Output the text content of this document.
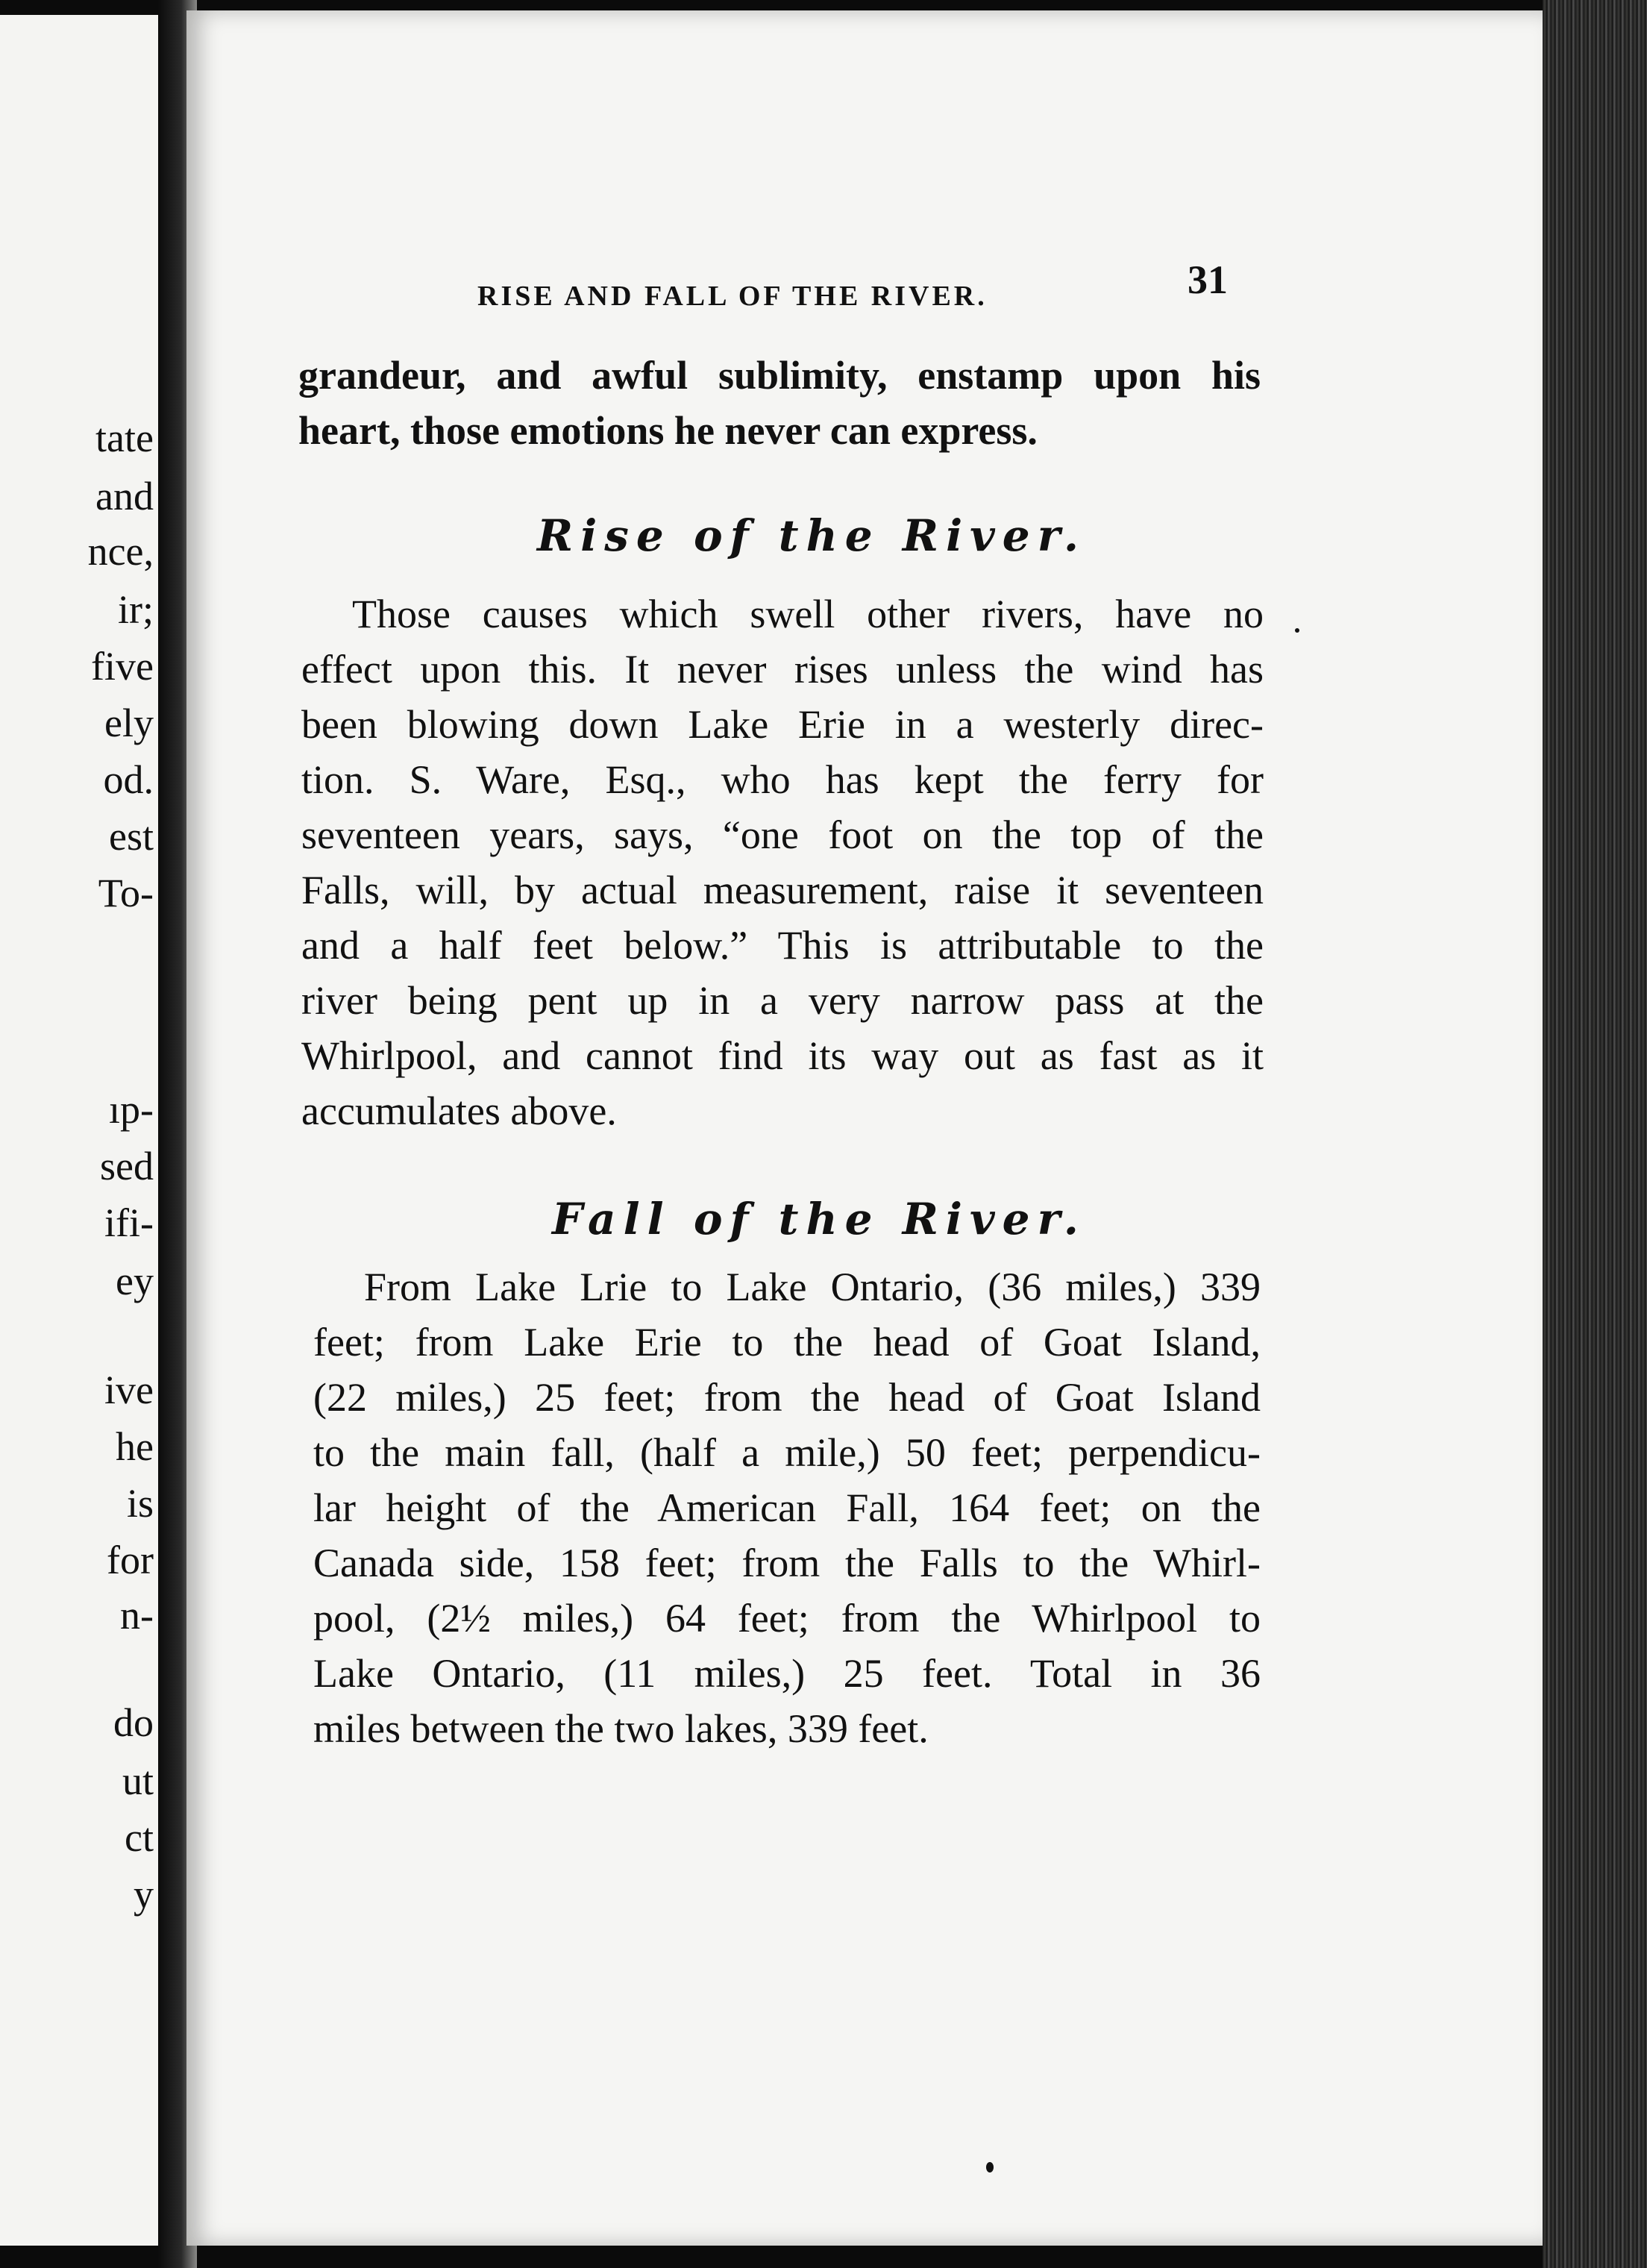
tate
and
nce,
ir;
five
ely
od.
est
To-
ıp-
sed
ifi-
ey
ive
he
is
for
n-
do
ut
ct
y
RISE AND FALL OF THE RIVER.	31
grandeur, and awful sublimity, enstamp upon his
heart, those emotions he never can express.
Rise of the River.
Those causes which swell other rivers, have no
effect upon this. It never rises unless the wind has
been blowing down Lake Erie in a westerly direc-
tion. S. Ware, Esq., who has kept the ferry for
seventeen years, says, “one foot on the top of the
Falls, will, by actual measurement, raise it seventeen
and a half feet below.” This is attributable to the
river being pent up in a very narrow pass at the
Whirlpool, and cannot find its way out as fast as it
accumulates above.
Fall of the River.
From Lake Lrie to Lake Ontario, (36 miles,) 339
feet; from Lake Erie to the head of Goat Island,
(22 miles,) 25 feet; from the head of Goat Island
to the main fall, (half a mile,) 50 feet; perpendicu-
lar height of the American Fall, 164 feet; on the
Canada side, 158 feet; from the Falls to the Whirl-
pool, (2½ miles,) 64 feet; from the Whirlpool to
Lake Ontario, (11 miles,) 25 feet. Total in 36
miles between the two lakes, 339 feet.
